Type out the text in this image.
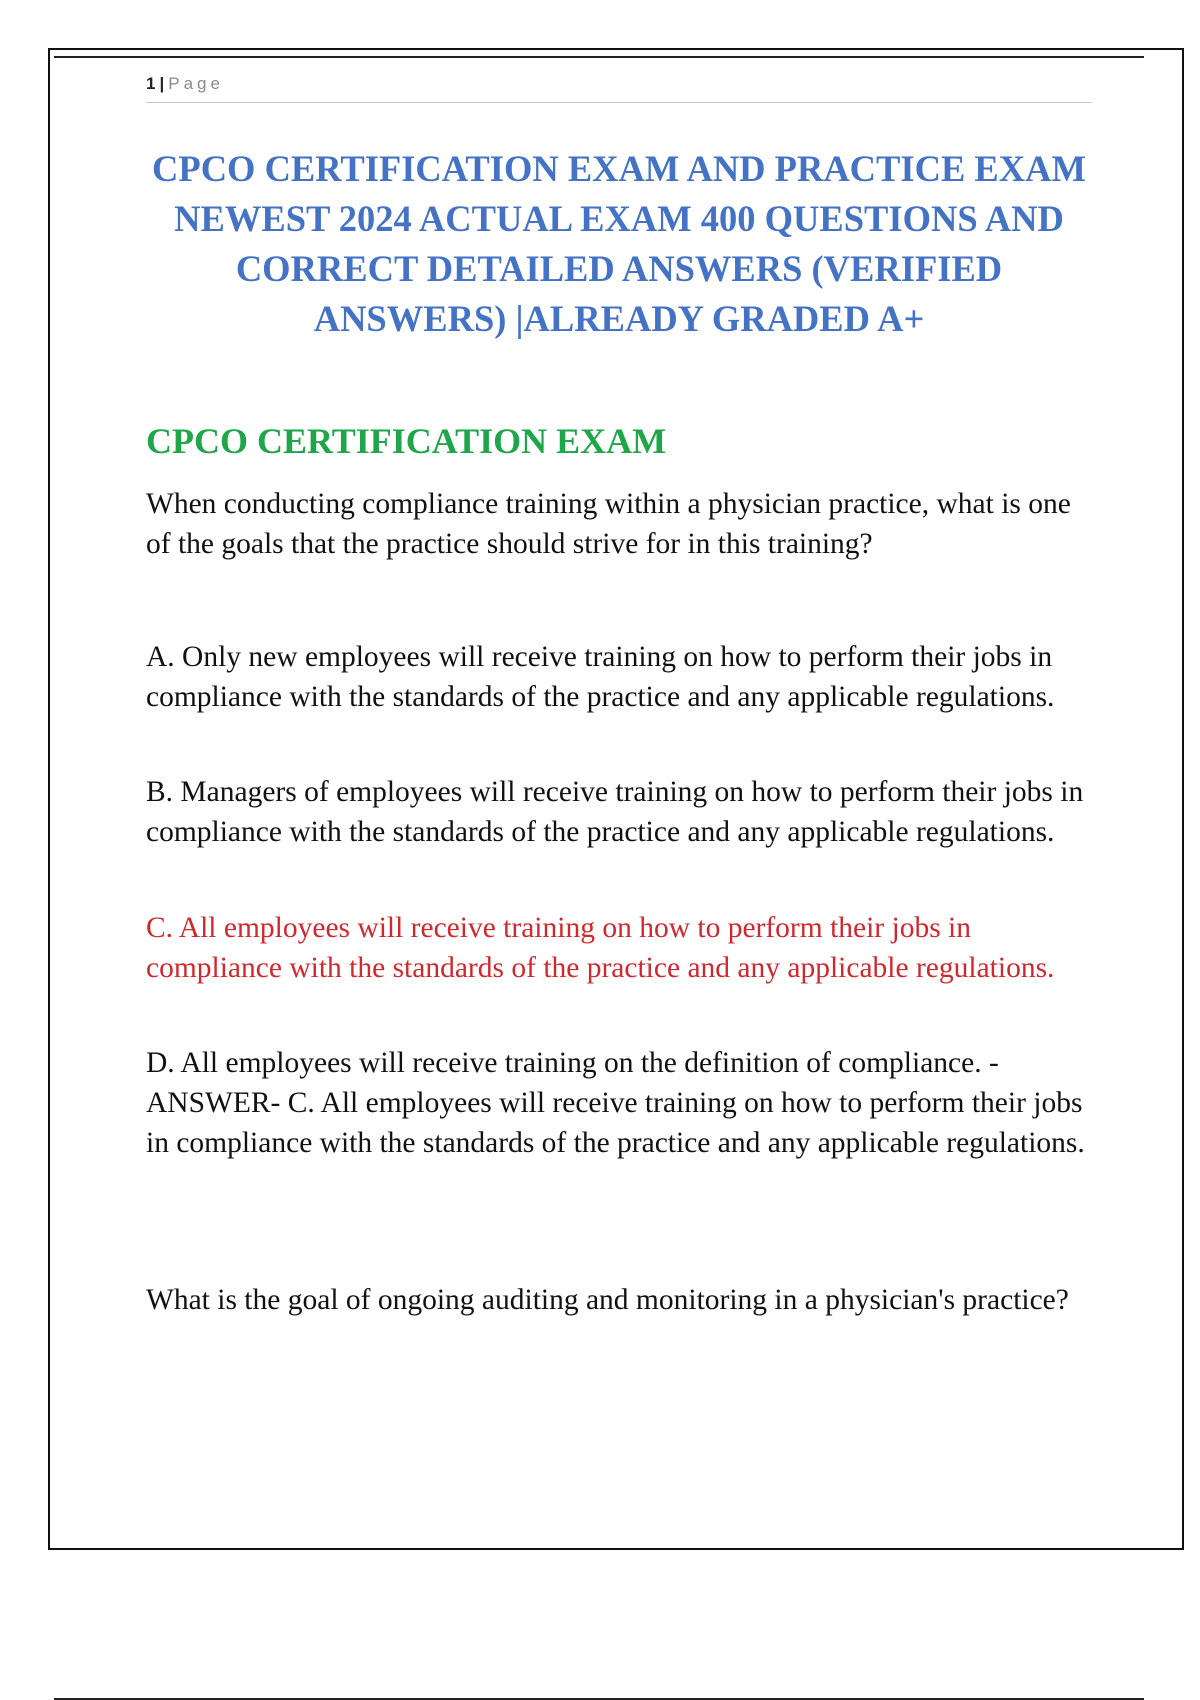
1 | Page
CPCO CERTIFICATION EXAM AND PRACTICE EXAM NEWEST 2024 ACTUAL EXAM 400 QUESTIONS AND CORRECT DETAILED ANSWERS (VERIFIED ANSWERS) |ALREADY GRADED A+
CPCO CERTIFICATION EXAM

When conducting compliance training within a physician practice, what is one of the goals that the practice should strive for in this training?

A. Only new employees will receive training on how to perform their jobs in compliance with the standards of the practice and any applicable regulations.

B. Managers of employees will receive training on how to perform their jobs in compliance with the standards of the practice and any applicable regulations.

C. All employees will receive training on how to perform their jobs in compliance with the standards of the practice and any applicable regulations.

D. All employees will receive training on the definition of compliance. - ANSWER- C. All employees will receive training on how to perform their jobs in compliance with the standards of the practice and any applicable regulations.

What is the goal of ongoing auditing and monitoring in a physician's practice?
